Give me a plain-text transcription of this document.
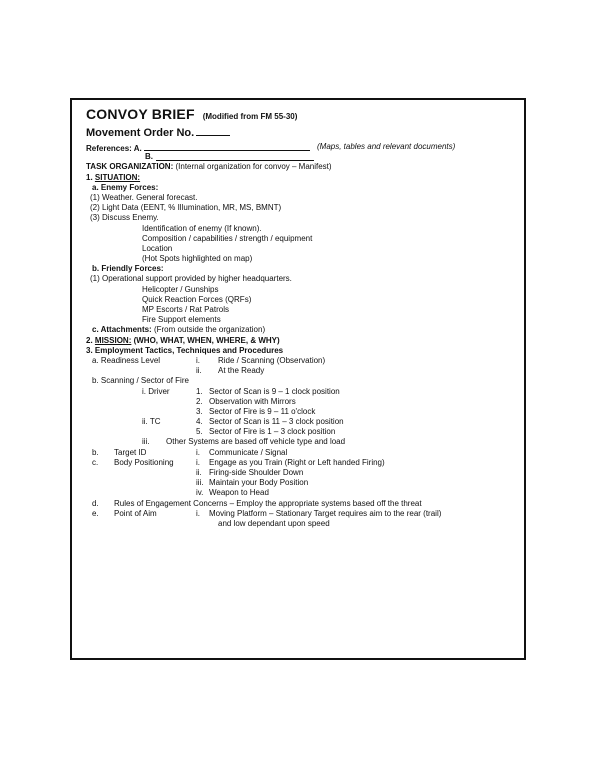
CONVOY BRIEF (Modified from FM 55-30)
Movement Order No.
References: A.	(Maps, tables and relevant documents)
B.
TASK ORGANIZATION: (Internal organization for convoy – Manifest)
1. SITUATION:
a. Enemy Forces:
(1) Weather. General forecast.
(2) Light Data (EENT, % Illumination, MR, MS, BMNT)
(3) Discuss Enemy.
Identification of enemy (If known).
Composition / capabilities / strength / equipment
Location
(Hot Spots highlighted on map)
b. Friendly Forces:
(1) Operational support provided by higher headquarters.
Helicopter / Gunships
Quick Reaction Forces (QRFs)
MP Escorts / Rat Patrols
Fire Support elements
c. Attachments: (From outside the organization)
2. MISSION: (WHO, WHAT, WHEN, WHERE, & WHY)
3. Employment Tactics, Techniques and Procedures
a. Readiness Level	i. Ride / Scanning (Observation)
ii. At the Ready
b. Scanning / Sector of Fire
i. Driver	1. Sector of Scan is 9 – 1 clock position
2. Observation with Mirrors
3. Sector of Fire is 9 – 11 o'clock
ii. TC	4. Sector of Scan is 11 – 3 clock position
5. Sector of Fire is 1 – 3 clock position
iii. Other Systems are based off vehicle type and load
b. Target ID	i. Communicate / Signal
c. Body Positioning	i. Engage as you Train (Right or Left handed Firing)
ii. Firing-side Shoulder Down
iii. Maintain your Body Position
iv. Weapon to Head
d. Rules of Engagement Concerns – Employ the appropriate systems based off the threat
e. Point of Aim	i. Moving Platform – Stationary Target requires aim to the rear (trail)
and low dependant upon speed
